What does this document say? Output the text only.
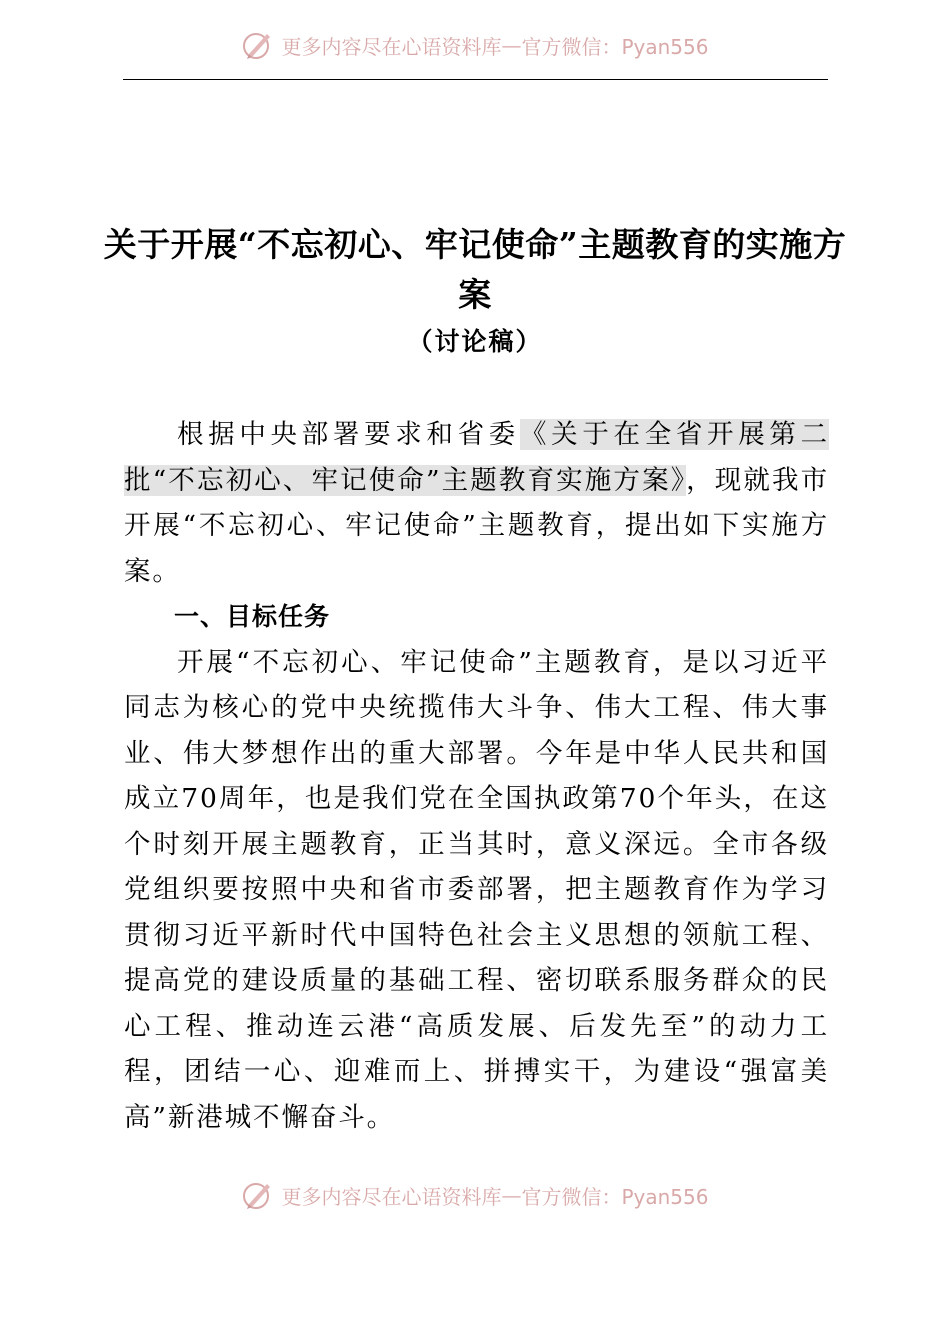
更多内容尽在心语资料库 — 官方微信：Pyan556
关于开展“不忘初心、牢记使命”主题教育的实施方案
（讨论稿）

根据中央部署要求和省委《关于在全省开展第二批“不忘初心、牢记使命”主题教育实施方案》，现就我市开展“不忘初心、牢记使命”主题教育，提出如下实施方案。

一、目标任务

开展“不忘初心、牢记使命”主题教育，是以习近平同志为核心的党中央统揽伟大斗争、伟大工程、伟大事业、伟大梦想作出的重大部署。今年是中华人民共和国成立70周年，也是我们党在全国执政第70个年头，在这个时刻开展主题教育，正当其时，意义深远。全市各级党组织要按照中央和省市委部署，把主题教育作为学习贯彻习近平新时代中国特色社会主义思想的领航工程、提高党的建设质量的基础工程、密切联系服务群众的民心工程、推动连云港“高质发展、后发先至”的动力工程，团结一心、迎难而上、拼搏实干，为建设“强富美高”新港城不懈奋斗。

更多内容尽在心语资料库 — 官方微信：Pyan556
